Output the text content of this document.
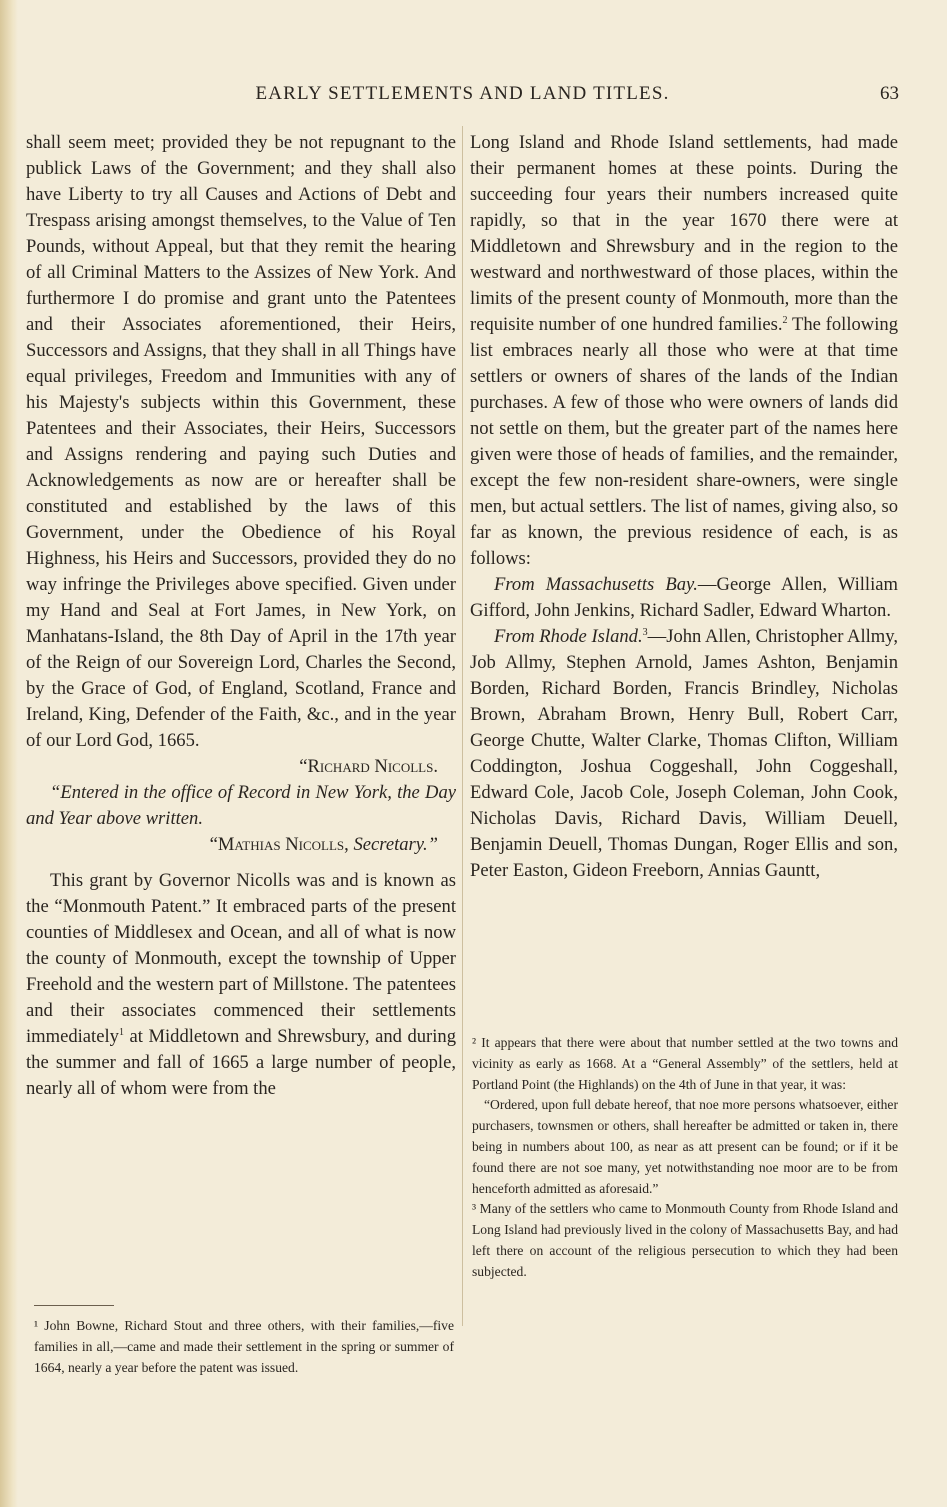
EARLY SETTLEMENTS AND LAND TITLES.	63

shall seem meet; provided they be not repugnant to the publick Laws of the Government; and they shall also have Liberty to try all Causes and Actions of Debt and Trespass arising amongst themselves, to the Value of Ten Pounds, without Appeal, but that they remit the hearing of all Criminal Matters to the Assizes of New York. And furthermore I do promise and grant unto the Patentees and their Associates aforementioned, their Heirs, Successors and Assigns, that they shall in all Things have equal privileges, Freedom and Immunities with any of his Majesty's subjects within this Government, these Patentees and their Associates, their Heirs, Successors and Assigns rendering and paying such Duties and Acknowledgements as now are or hereafter shall be constituted and established by the laws of this Government, under the Obedience of his Royal Highness, his Heirs and Successors, provided they do no way infringe the Privileges above specified. Given under my Hand and Seal at Fort James, in New York, on Manhatans-Island, the 8th Day of April in the 17th year of the Reign of our Sovereign Lord, Charles the Second, by the Grace of God, of England, Scotland, France and Ireland, King, Defender of the Faith, &c., and in the year of our Lord God, 1665.

“Richard Nicolls.

“Entered in the office of Record in New York, the Day and Year above written.

“Mathias Nicolls, Secretary.”

This grant by Governor Nicolls was and is known as the “Monmouth Patent.” It embraced parts of the present counties of Middlesex and Ocean, and all of what is now the county of Monmouth, except the township of Upper Freehold and the western part of Millstone. The patentees and their associates commenced their settlements immediately$^1$ at Middletown and Shrewsbury, and during the summer and fall of 1665 a large number of people, nearly all of whom were from the

¹ John Bowne, Richard Stout and three others, with their families,—five families in all,—came and made their settlement in the spring or summer of 1664, nearly a year before the patent was issued.

Long Island and Rhode Island settlements, had made their permanent homes at these points. During the succeeding four years their numbers increased quite rapidly, so that in the year 1670 there were at Middletown and Shrewsbury and in the region to the westward and northwestward of those places, within the limits of the present county of Monmouth, more than the requisite number of one hundred families.$^2$ The following list embraces nearly all those who were at that time settlers or owners of shares of the lands of the Indian purchases. A few of those who were owners of lands did not settle on them, but the greater part of the names here given were those of heads of families, and the remainder, except the few non-resident share-owners, were single men, but actual settlers. The list of names, giving also, so far as known, the previous residence of each, is as follows:

From Massachusetts Bay.—George Allen, William Gifford, John Jenkins, Richard Sadler, Edward Wharton.

From Rhode Island.$^3$—John Allen, Christopher Allmy, Job Allmy, Stephen Arnold, James Ashton, Benjamin Borden, Richard Borden, Francis Brindley, Nicholas Brown, Abraham Brown, Henry Bull, Robert Carr, George Chutte, Walter Clarke, Thomas Clifton, William Coddington, Joshua Coggeshall, John Coggeshall, Edward Cole, Jacob Cole, Joseph Coleman, John Cook, Nicholas Davis, Richard Davis, William Deuell, Benjamin Deuell, Thomas Dungan, Roger Ellis and son, Peter Easton, Gideon Freeborn, Annias Gauntt,

² It appears that there were about that number settled at the two towns and vicinity as early as 1668. At a “General Assembly” of the settlers, held at Portland Point (the Highlands) on the 4th of June in that year, it was:

“Ordered, upon full debate hereof, that noe more persons whatsoever, either purchasers, townsmen or others, shall hereafter be admitted or taken in, there being in numbers about 100, as near as att present can be found; or if it be found there are not soe many, yet notwithstanding noe moor are to be from henceforth admitted as aforesaid.”

³ Many of the settlers who came to Monmouth County from Rhode Island and Long Island had previously lived in the colony of Massachusetts Bay, and had left there on account of the religious persecution to which they had been subjected.
